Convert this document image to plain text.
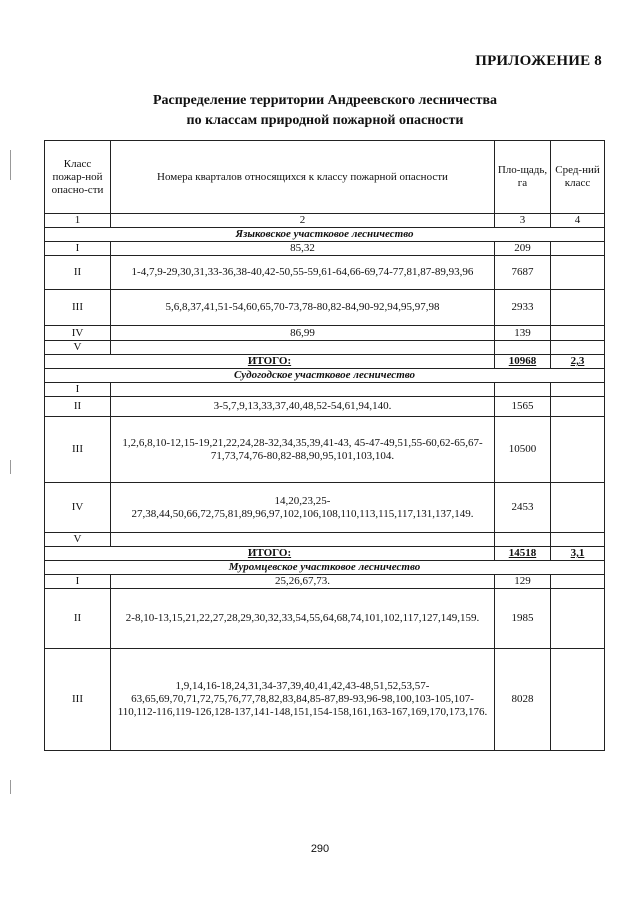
ПРИЛОЖЕНИЕ 8
Распределение территории Андреевского лесничества
по классам природной пожарной опасности
Класс пожар-ной опасно-сти	Номера кварталов относящихся к классу пожарной опасности	Пло-щадь, га	Сред-ний класс
1	2	3	4
Языковское участковое лесничество			
I	85,32	209	
II	1-4,7,9-29,30,31,33-36,38-40,42-50,55-59,61-64,66-69,74-77,81,87-89,93,96	7687	
III	5,6,8,37,41,51-54,60,65,70-73,78-80,82-84,90-92,94,95,97,98	2933	
IV	86,99	139	
V			
ИТОГО:		10968	2,3
Судогодское участковое лесничество			
I			
II	3-5,7,9,13,33,37,40,48,52-54,61,94,140.	1565	
III	1,2,6,8,10-12,15-19,21,22,24,28-32,34,35,39,41-43, 45-47-49,51,55-60,62-65,67-71,73,74,76-80,82-88,90,95,101,103,104.	10500	
IV	14,20,23,25-27,38,44,50,66,72,75,81,89,96,97,102,106,108,110,113,115,117,131,137,149.	2453	
V			
ИТОГО:		14518	3,1
Муромцевское участковое лесничество			
I	25,26,67,73.	129	
II	2-8,10-13,15,21,22,27,28,29,30,32,33,54,55,64,68,74,101,102,117,127,149,159.	1985	
III	1,9,14,16-18,24,31,34-37,39,40,41,42,43-48,51,52,53,57-63,65,69,70,71,72,75,76,77,78,82,83,84,85-87,89-93,96-98,100,103-105,107-110,112-116,119-126,128-137,141-148,151,154-158,161,163-167,169,170,173,176.	8028	
290
